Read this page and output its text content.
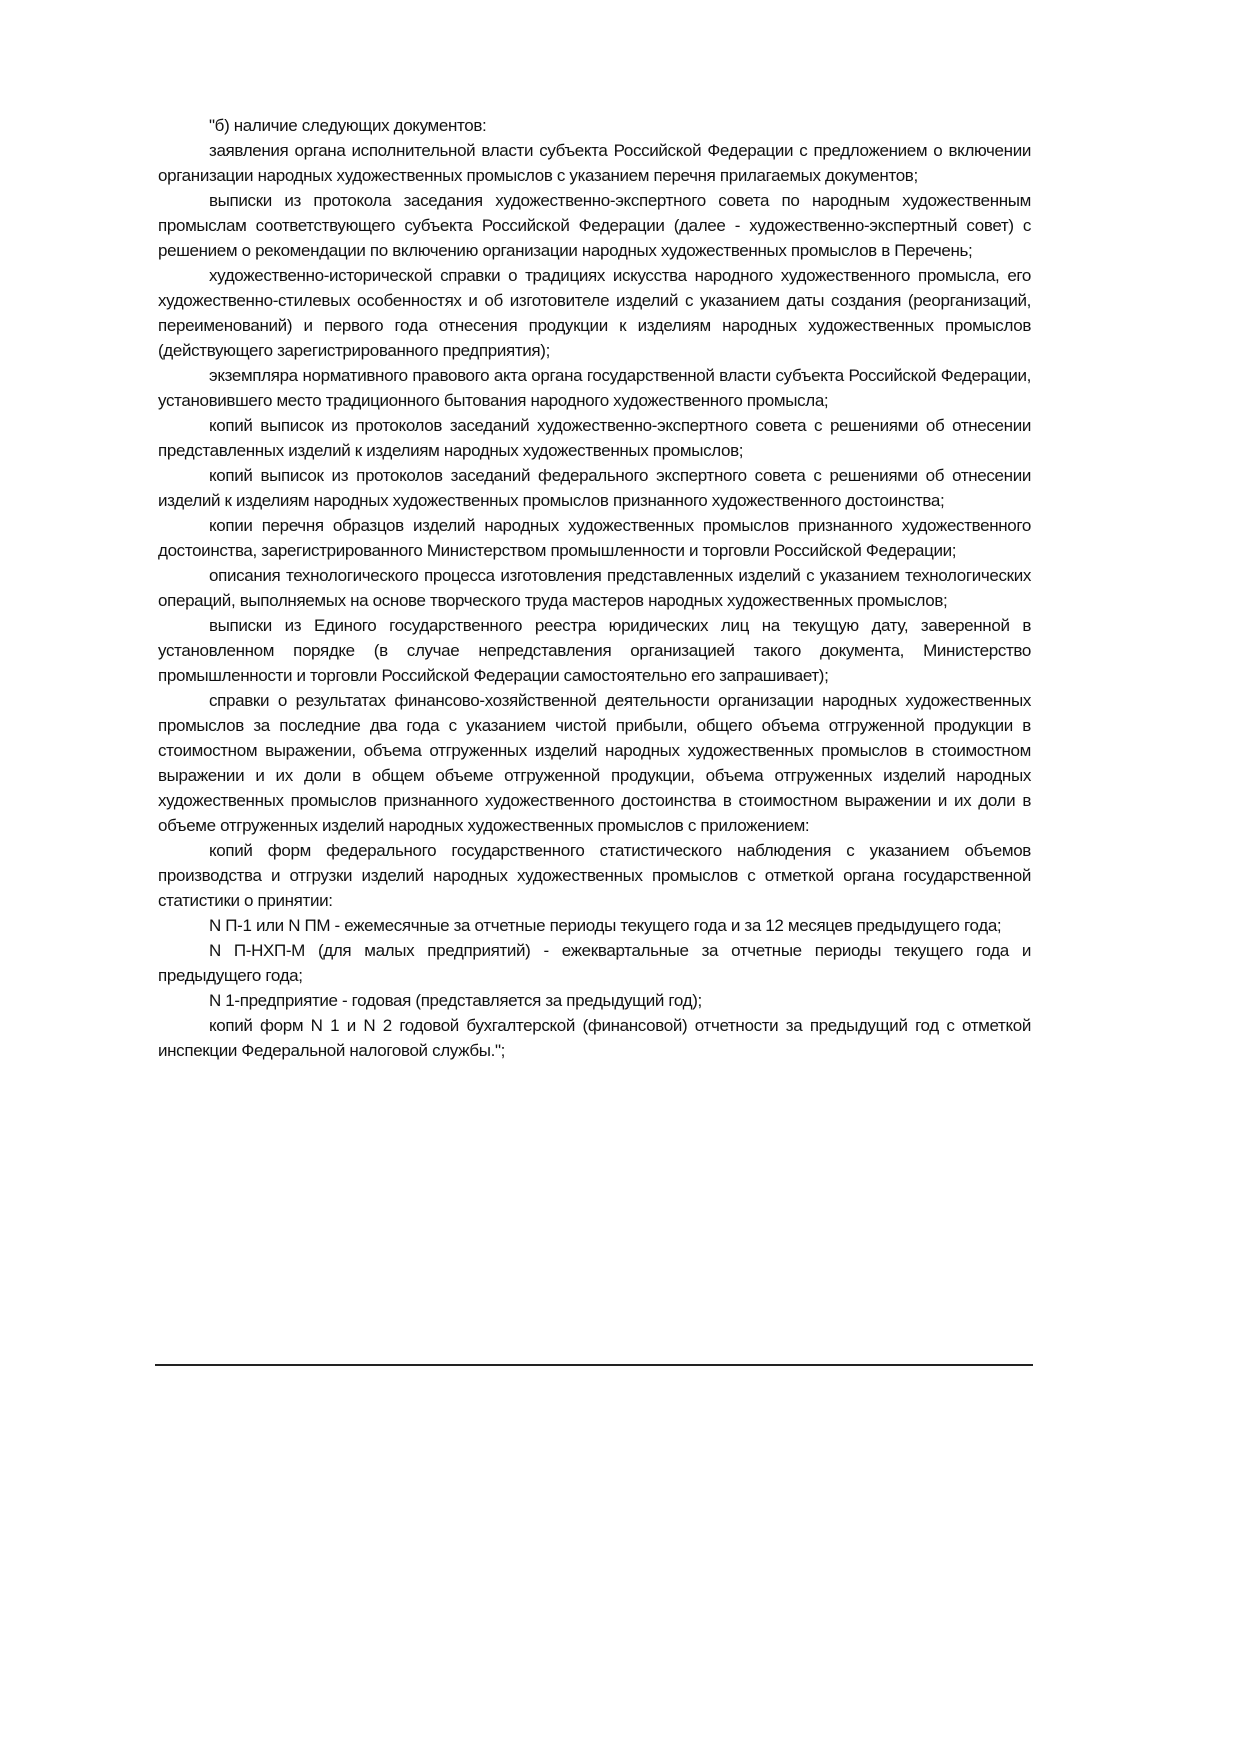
"б) наличие следующих документов:

заявления органа исполнительной власти субъекта Российской Федерации с предложением о включении организации народных художественных промыслов с указанием перечня прилагаемых документов;

выписки из протокола заседания художественно-экспертного совета по народным художественным промыслам соответствующего субъекта Российской Федерации (далее - художественно-экспертный совет) с решением о рекомендации по включению организации народных художественных промыслов в Перечень;

художественно-исторической справки о традициях искусства народного художественного промысла, его художественно-стилевых особенностях и об изготовителе изделий с указанием даты создания (реорганизаций, переименований) и первого года отнесения продукции к изделиям народных художественных промыслов (действующего зарегистрированного предприятия);

экземпляра нормативного правового акта органа государственной власти субъекта Российской Федерации, установившего место традиционного бытования народного художественного промысла;

копий выписок из протоколов заседаний художественно-экспертного совета с решениями об отнесении представленных изделий к изделиям народных художественных промыслов;

копий выписок из протоколов заседаний федерального экспертного совета с решениями об отнесении изделий к изделиям народных художественных промыслов признанного художественного достоинства;

копии перечня образцов изделий народных художественных промыслов признанного художественного достоинства, зарегистрированного Министерством промышленности и торговли Российской Федерации;

описания технологического процесса изготовления представленных изделий с указанием технологических операций, выполняемых на основе творческого труда мастеров народных художественных промыслов;

выписки из Единого государственного реестра юридических лиц на текущую дату, заверенной в установленном порядке (в случае непредставления организацией такого документа, Министерство промышленности и торговли Российской Федерации самостоятельно его запрашивает);

справки о результатах финансово-хозяйственной деятельности организации народных художественных промыслов за последние два года с указанием чистой прибыли, общего объема отгруженной продукции в стоимостном выражении, объема отгруженных изделий народных художественных промыслов в стоимостном выражении и их доли в общем объеме отгруженной продукции, объема отгруженных изделий народных художественных промыслов признанного художественного достоинства в стоимостном выражении и их доли в объеме отгруженных изделий народных художественных промыслов с приложением:

копий форм федерального государственного статистического наблюдения с указанием объемов производства и отгрузки изделий народных художественных промыслов с отметкой органа государственной статистики о принятии:

N П-1 или N ПМ - ежемесячные за отчетные периоды текущего года и за 12 месяцев предыдущего года;

N П-НХП-М (для малых предприятий) - ежеквартальные за отчетные периоды текущего года и предыдущего года;

N 1-предприятие - годовая (представляется за предыдущий год);

копий форм N 1 и N 2 годовой бухгалтерской (финансовой) отчетности за предыдущий год с отметкой инспекции Федеральной налоговой службы.";
